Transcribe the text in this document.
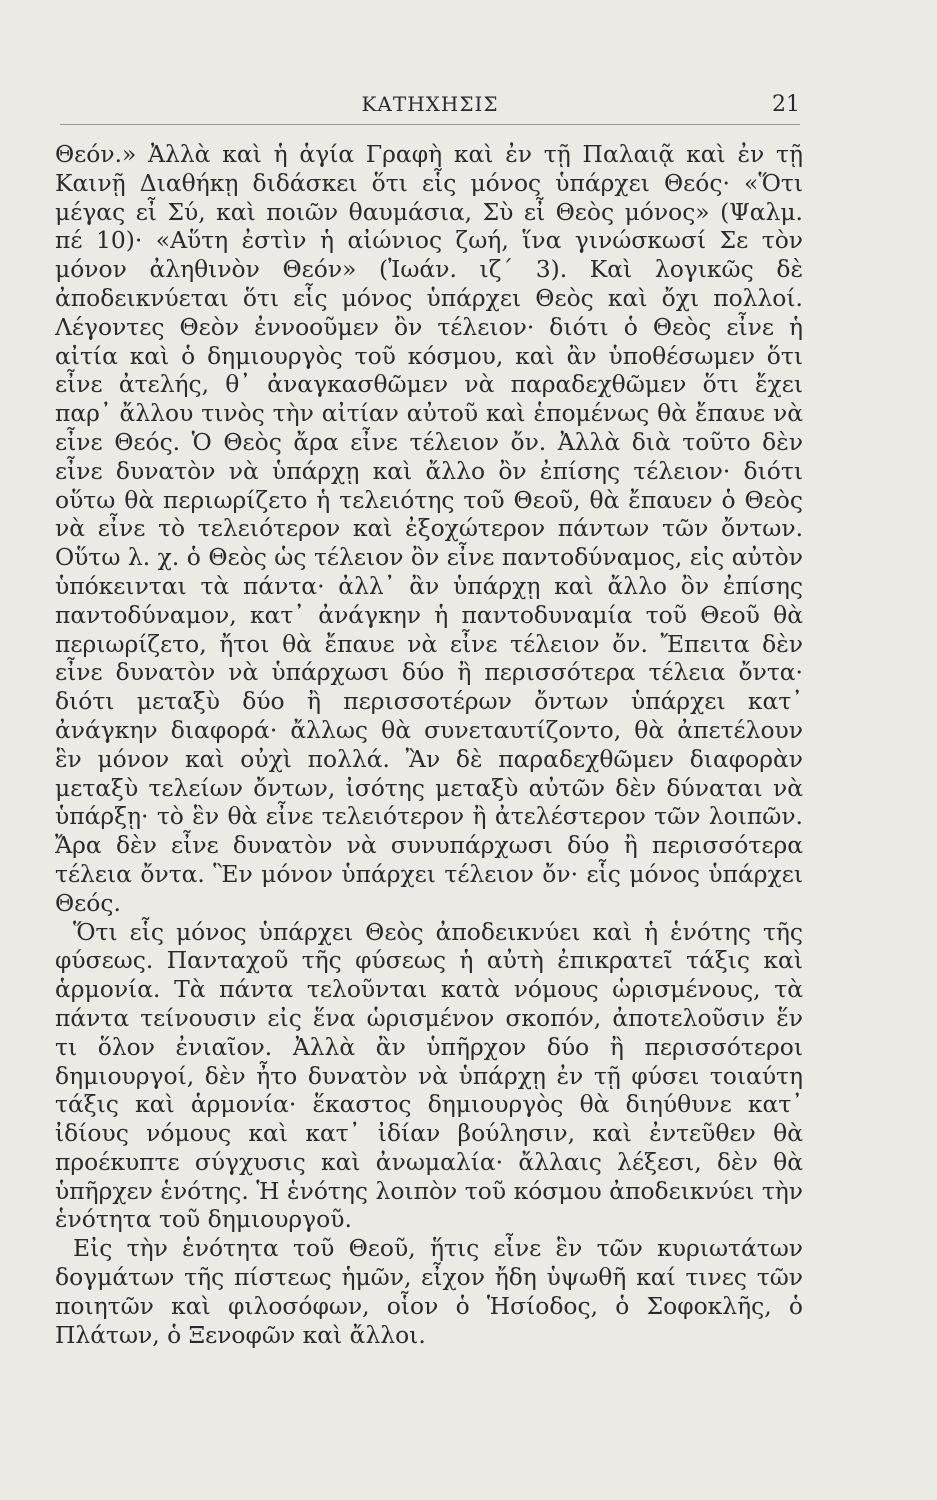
ΚΑΤΗΧΗΣΙΣ	21

Θεόν.» Ἀλλὰ καὶ ἡ ἁγία Γραφὴ καὶ ἐν τῇ Παλαιᾷ καὶ ἐν τῇ Καινῇ Διαθήκῃ διδάσκει ὅτι εἷς μόνος ὑπάρχει Θεός· «Ὅτι μέγας εἶ Σύ, καὶ ποιῶν θαυμάσια, Σὺ εἶ Θεὸς μόνος» (Ψαλμ. πέ 10)· «Αὕτη ἐστὶν ἡ αἰώνιος ζωή, ἵνα γινώσκωσί Σε τὸν μόνον ἀληθινὸν Θεόν» (Ἰωάν. ιζ´ 3). Καὶ λογικῶς δὲ ἀποδεικνύεται ὅτι εἷς μόνος ὑπάρχει Θεὸς καὶ ὄχι πολλοί. Λέγοντες Θεὸν ἐννοοῦμεν ὂν τέλειον· διότι ὁ Θεὸς εἶνε ἡ αἰτία καὶ ὁ δημιουργὸς τοῦ κόσμου, καὶ ἂν ὑποθέσωμεν ὅτι εἶνε ἀτελής, θ᾽ ἀναγκασθῶμεν νὰ παραδεχθῶμεν ὅτι ἔχει παρ᾽ ἄλλου τινὸς τὴν αἰτίαν αὐτοῦ καὶ ἑπομένως θὰ ἔπαυε νὰ εἶνε Θεός. Ὁ Θεὸς ἄρα εἶνε τέλειον ὄν. Ἀλλὰ διὰ τοῦτο δὲν εἶνε δυνατὸν νὰ ὑπάρχῃ καὶ ἄλλο ὂν ἐπίσης τέλειον· διότι οὕτω θὰ περιωρίζετο ἡ τελειότης τοῦ Θεοῦ, θὰ ἔπαυεν ὁ Θεὸς νὰ εἶνε τὸ τελειότερον καὶ ἐξοχώτερον πάντων τῶν ὄντων. Οὕτω λ. χ. ὁ Θεὸς ὡς τέλειον ὂν εἶνε παντοδύναμος, εἰς αὐτὸν ὑπόκεινται τὰ πάντα· ἀλλ᾽ ἂν ὑπάρχῃ καὶ ἄλλο ὂν ἐπίσης παντοδύναμον, κατ᾽ ἀνάγκην ἡ παντοδυναμία τοῦ Θεοῦ θὰ περιωρίζετο, ἤτοι θὰ ἔπαυε νὰ εἶνε τέλειον ὄν. Ἔπειτα δὲν εἶνε δυνατὸν νὰ ὑπάρχωσι δύο ἢ περισσότερα τέλεια ὄντα· διότι μεταξὺ δύο ἢ περισσοτέρων ὄντων ὑπάρχει κατ᾽ ἀνάγκην διαφορά· ἄλλως θὰ συνεταυτίζοντο, θὰ ἀπετέλουν ἓν μόνον καὶ οὐχὶ πολλά. Ἂν δὲ παραδεχθῶμεν διαφορὰν μεταξὺ τελείων ὄντων, ἰσότης μεταξὺ αὐτῶν δὲν δύναται νὰ ὑπάρξῃ· τὸ ἓν θὰ εἶνε τελειότερον ἢ ἀτελέστερον τῶν λοιπῶν. Ἄρα δὲν εἶνε δυνατὸν νὰ συνυπάρχωσι δύο ἢ περισσότερα τέλεια ὄντα. Ἓν μόνον ὑπάρχει τέλειον ὄν· εἷς μόνος ὑπάρχει Θεός.

Ὅτι εἷς μόνος ὑπάρχει Θεὸς ἀποδεικνύει καὶ ἡ ἑνότης τῆς φύσεως. Πανταχοῦ τῆς φύσεως ἡ αὐτὴ ἐπικρατεῖ τάξις καὶ ἁρμονία. Τὰ πάντα τελοῦνται κατὰ νόμους ὡρισμένους, τὰ πάντα τείνουσιν εἰς ἕνα ὡρισμένον σκοπόν, ἀποτελοῦσιν ἕν τι ὅλον ἐνιαῖον. Ἀλλὰ ἂν ὑπῆρχον δύο ἢ περισσότεροι δημιουργοί, δὲν ἦτο δυνατὸν νὰ ὑπάρχῃ ἐν τῇ φύσει τοιαύτη τάξις καὶ ἁρμονία· ἕκαστος δημιουργὸς θὰ διηύθυνε κατ᾽ ἰδίους νόμους καὶ κατ᾽ ἰδίαν βούλησιν, καὶ ἐντεῦθεν θὰ προέκυπτε σύγχυσις καὶ ἀνωμαλία· ἄλλαις λέξεσι, δὲν θὰ ὑπῆρχεν ἑνότης. Ἡ ἑνότης λοιπὸν τοῦ κόσμου ἀποδεικνύει τὴν ἑνότητα τοῦ δημιουργοῦ.

Εἰς τὴν ἑνότητα τοῦ Θεοῦ, ἥτις εἶνε ἓν τῶν κυριωτάτων δογμάτων τῆς πίστεως ἡμῶν, εἶχον ἤδη ὑψωθῆ καί τινες τῶν ποιητῶν καὶ φιλοσόφων, οἷον ὁ Ἡσίοδος, ὁ Σοφοκλῆς, ὁ Πλάτων, ὁ Ξενοφῶν καὶ ἄλλοι.
